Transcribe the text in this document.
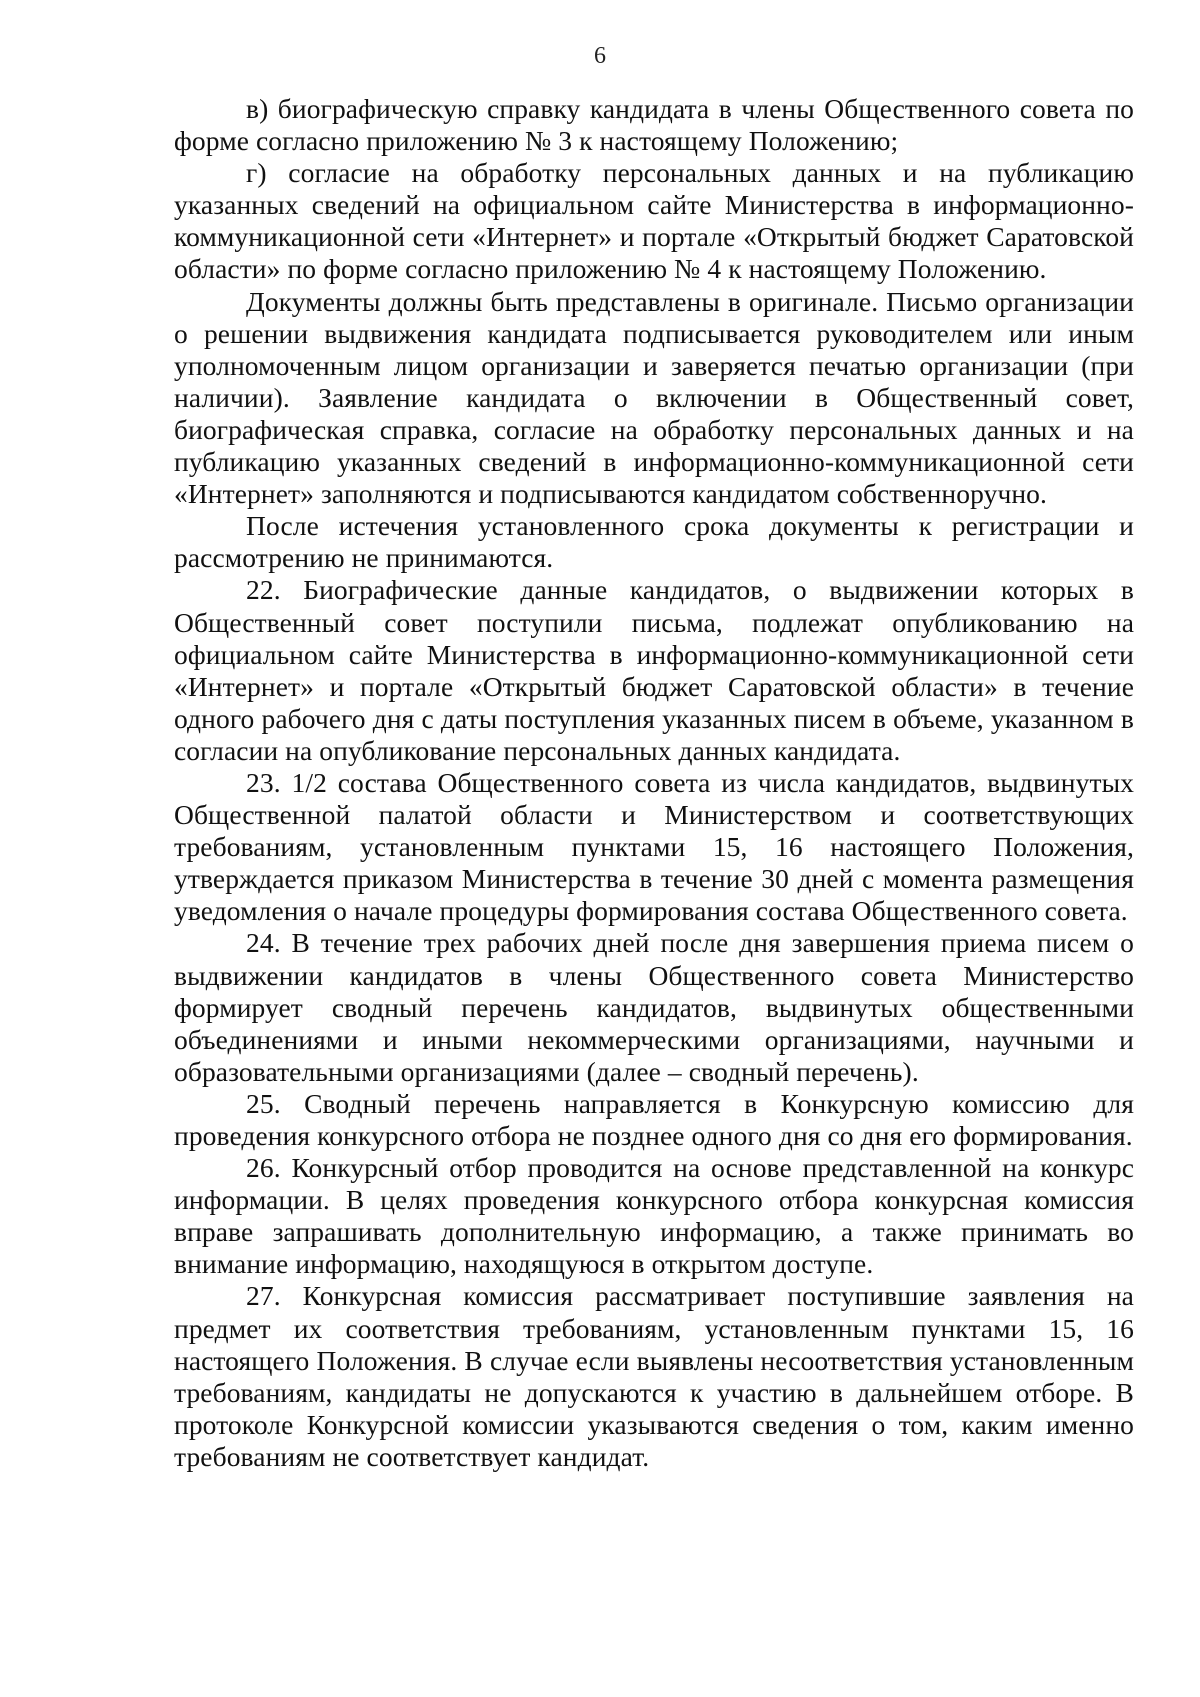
6

в) биографическую справку кандидата в члены Общественного совета по форме согласно приложению № 3 к настоящему Положению;

г) согласие на обработку персональных данных и на публикацию указанных сведений на официальном сайте Министерства в информационно-коммуникационной сети «Интернет» и портале «Открытый бюджет Саратовской области» по форме согласно приложению № 4 к настоящему Положению.

Документы должны быть представлены в оригинале. Письмо организации о решении выдвижения кандидата подписывается руководителем или иным уполномоченным лицом организации и заверяется печатью организации (при наличии). Заявление кандидата о включении в Общественный совет, биографическая справка, согласие на обработку персональных данных и на публикацию указанных сведений в информационно-коммуникационной сети «Интернет» заполняются и подписываются кандидатом собственноручно.

После истечения установленного срока документы к регистрации и рассмотрению не принимаются.

22. Биографические данные кандидатов, о выдвижении которых в Общественный совет поступили письма, подлежат опубликованию на официальном сайте Министерства в информационно-коммуникационной сети «Интернет» и портале «Открытый бюджет Саратовской области» в течение одного рабочего дня с даты поступления указанных писем в объеме, указанном в согласии на опубликование персональных данных кандидата.

23. 1/2 состава Общественного совета из числа кандидатов, выдвинутых Общественной палатой области и Министерством и соответствующих требованиям, установленным пунктами 15, 16 настоящего Положения, утверждается приказом Министерства в течение 30 дней с момента размещения уведомления о начале процедуры формирования состава Общественного совета.

24. В течение трех рабочих дней после дня завершения приема писем о выдвижении кандидатов в члены Общественного совета Министерство формирует сводный перечень кандидатов, выдвинутых общественными объединениями и иными некоммерческими организациями, научными и образовательными организациями (далее – сводный перечень).

25. Сводный перечень направляется в Конкурсную комиссию для проведения конкурсного отбора не позднее одного дня со дня его формирования.

26. Конкурсный отбор проводится на основе представленной на конкурс информации. В целях проведения конкурсного отбора конкурсная комиссия вправе запрашивать дополнительную информацию, а также принимать во внимание информацию, находящуюся в открытом доступе.

27. Конкурсная комиссия рассматривает поступившие заявления на предмет их соответствия требованиям, установленным пунктами 15, 16 настоящего Положения. В случае если выявлены несоответствия установленным требованиям, кандидаты не допускаются к участию в дальнейшем отборе. В протоколе Конкурсной комиссии указываются сведения о том, каким именно требованиям не соответствует кандидат.
